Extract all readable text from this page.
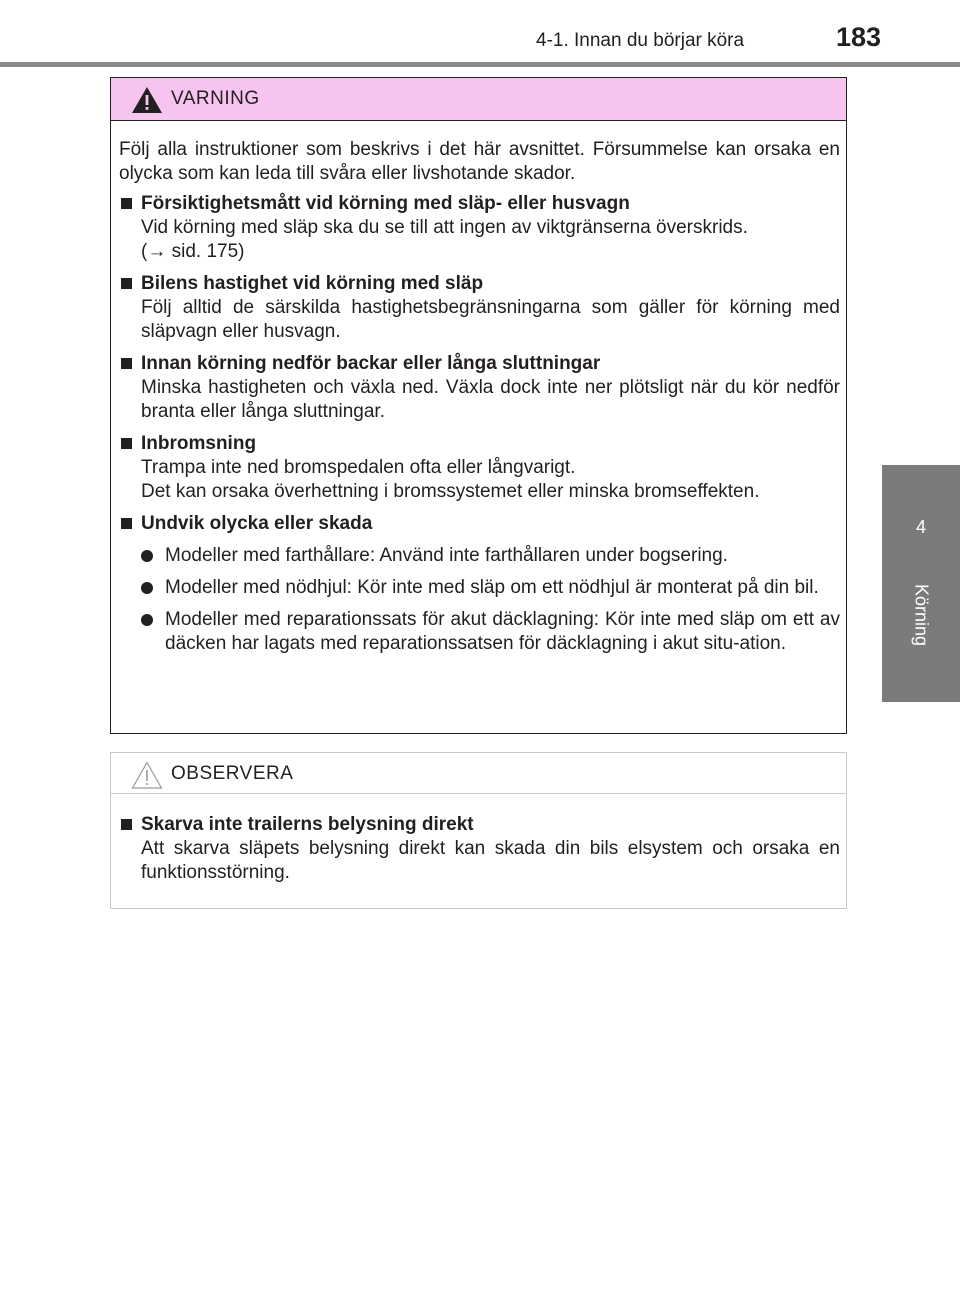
4-1. Innan du börjar köra	183
4
Körning
VARNING

Följ alla instruktioner som beskrivs i det här avsnittet. Försummelse kan orsaka en olycka som kan leda till svåra eller livshotande skador.

Försiktighetsmått vid körning med släp- eller husvagn
Vid körning med släp ska du se till att ingen av viktgränserna överskrids.
(→ sid. 175)
Bilens hastighet vid körning med släp
Följ alltid de särskilda hastighetsbegränsningarna som gäller för körning med släpvagn eller husvagn.
Innan körning nedför backar eller långa sluttningar
Minska hastigheten och växla ned. Växla dock inte ner plötsligt när du kör nedför branta eller långa sluttningar.
Inbromsning
Trampa inte ned bromspedalen ofta eller långvarigt.
Det kan orsaka överhettning i bromssystemet eller minska bromseffekten.
Undvik olycka eller skada
Modeller med farthållare: Använd inte farthållaren under bogsering.
Modeller med nödhjul: Kör inte med släp om ett nödhjul är monterat på din bil.
Modeller med reparationssats för akut däcklagning: Kör inte med släp om ett av däcken har lagats med reparationssatsen för däcklagning i akut situ-ation.
OBSERVERA
Skarva inte trailerns belysning direkt
Att skarva släpets belysning direkt kan skada din bils elsystem och orsaka en funktionsstörning.
